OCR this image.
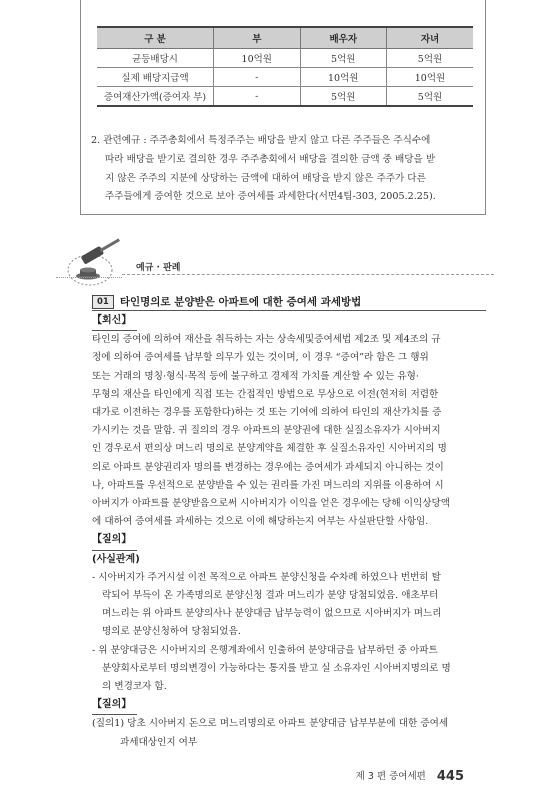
구 분	부	배우자	자녀
균등배당시	10억원	5억원	5억원
실제 배당지급액	-	10억원	10억원
증여재산가액(증여자 부)	-	5억원	5억원
2. 관련예규 : 주주총회에서 특정주주는 배당을 받지 않고 다른 주주들은 주식수에
따라 배당을 받기로 결의한 경우 주주총회에서 배당을 결의한 금액 중 배당을 받
지 않은 주주의 지분에 상당하는 금액에 대하여 배당을 받지 않은 주주가 다른
주주들에게 증여한 것으로 보아 증여세를 과세한다(서면4팀-303, 2005.2.25).
예규 · 판례
01	타인명의로 분양받은 아파트에 대한 증여세 과세방법
【회신】
타인의 증여에 의하여 재산을 취득하는 자는 상속세및증여세법 제2조 및 제4조의 규
정에 의하여 증여세를 납부할 의무가 있는 것이며, 이 경우 “증여”라 함은 그 행위
또는 거래의 명칭·형식·목적 등에 불구하고 경제적 가치를 계산할 수 있는 유형·
무형의 재산을 타인에게 직접 또는 간접적인 방법으로 무상으로 이전(현저히 저렴한
대가로 이전하는 경우를 포함한다)하는 것 또는 기여에 의하여 타인의 재산가치를 증
가시키는 것을 말함. 귀 질의의 경우 아파트의 분양권에 대한 실질소유자가 시아버지
인 경우로서 편의상 며느리 명의로 분양계약을 체결한 후 실질소유자인 시아버지의 명
의로 아파트 분양권리자 명의를 변경하는 경우에는 증여세가 과세되지 아니하는 것이
나, 아파트를 우선적으로 분양받을 수 있는 권리를 가진 며느리의 지위를 이용하여 시
아버지가 아파트를 분양받음으로써 시아버지가 이익을 얻은 경우에는 당해 이익상당액
에 대하여 증여세를 과세하는 것으로 이에 해당하는지 여부는 사실판단할 사항임.
【질의】
(사실관계)
- 시아버지가 주거시설 이전 목적으로 아파트 분양신청을 수차례 하였으나 번번히 탈
락되어 부득이 온 가족명의로 분양신청 결과 며느리가 분양 당첨되었음. 애초부터
며느리는 위 아파트 분양의사나 분양대금 납부능력이 없으므로 시아버지가 며느리
명의로 분양신청하여 당첨되었음.
- 위 분양대금은 시아버지의 은행계좌에서 인출하여 분양대금을 납부하던 중 아파트
분양회사로부터 명의변경이 가능하다는 통지를 받고 실 소유자인 시아버지명의로 명
의 변경코자 함.
【질의】
(질의1) 당초 시아버지 돈으로 며느리명의로 아파트 분양대금 납부부분에 대한 증여세
과세대상인지 여부
제 3 편 증여세편 445
